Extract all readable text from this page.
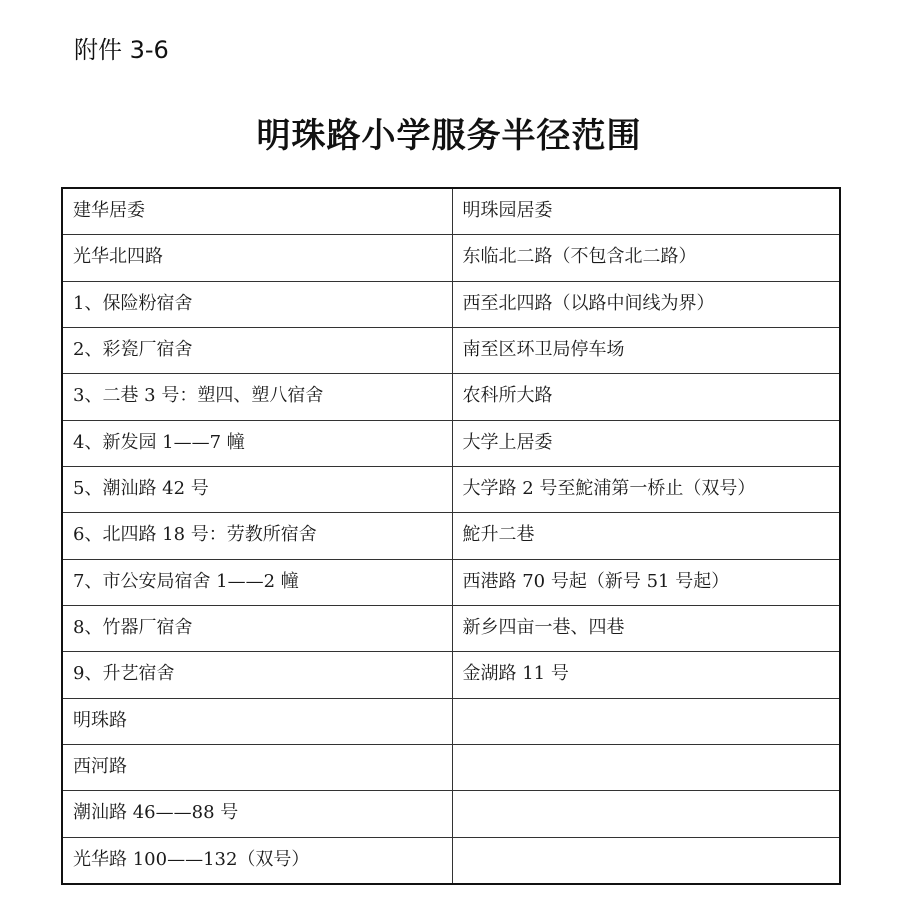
附件 3-6
明珠路小学服务半径范围
建华居委	明珠园居委
光华北四路	东临北二路（不包含北二路）
1、保险粉宿舍	西至北四路（以路中间线为界）
2、彩瓷厂宿舍	南至区环卫局停车场
3、二巷 3 号：塑四、塑八宿舍	农科所大路
4、新发园 1——7 幢	大学上居委
5、潮汕路 42 号	大学路 2 号至鮀浦第一桥止（双号）
6、北四路 18 号：劳教所宿舍	鮀升二巷
7、市公安局宿舍 1——2 幢	西港路 70 号起（新号 51 号起）
8、竹器厂宿舍	新乡四亩一巷、四巷
9、升艺宿舍	金湖路 11 号
明珠路	
西河路	
潮汕路 46——88 号	
光华路 100——132（双号）	
